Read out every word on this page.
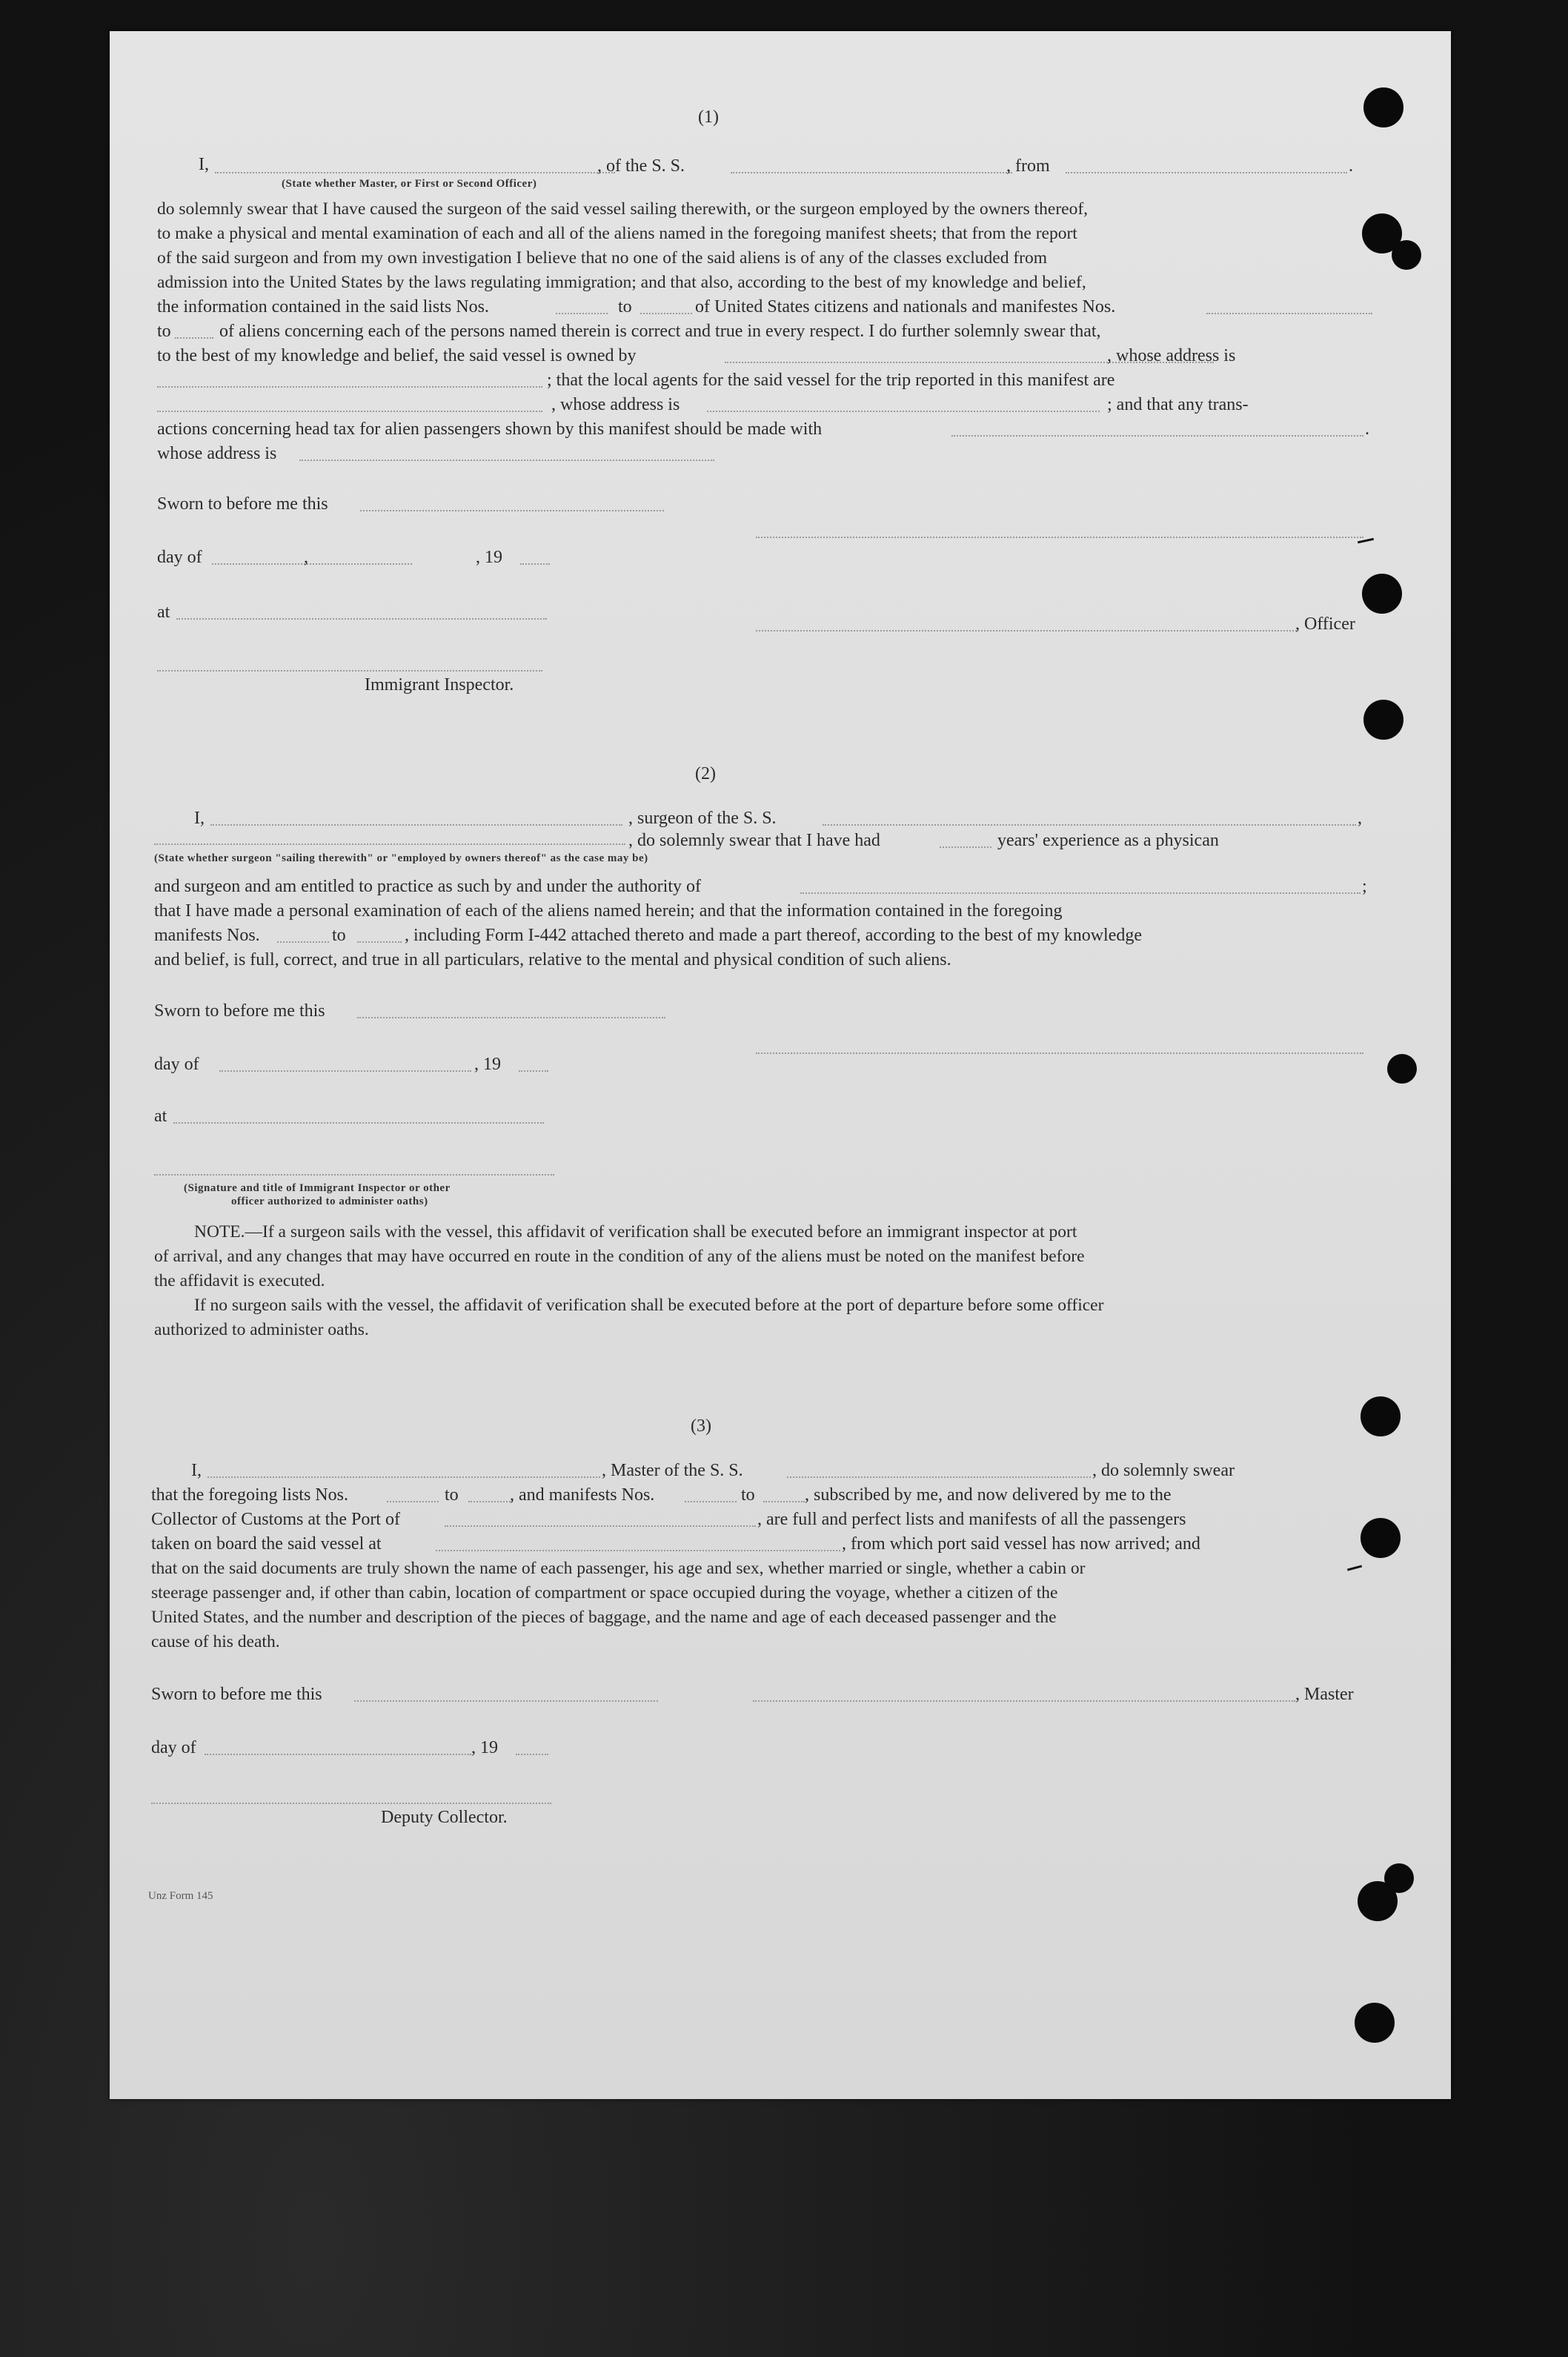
(1)
I,	, of the S. S.	, from	.
(State whether Master, or First or Second Officer)
do solemnly swear that I have caused the surgeon of the said vessel sailing therewith, or the surgeon employed by the owners thereof,
to make a physical and mental examination of each and all of the aliens named in the foregoing manifest sheets; that from the report
of the said surgeon and from my own investigation I believe that no one of the said aliens is of any of the classes excluded from
admission into the United States by the laws regulating immigration; and that also, according to the best of my knowledge and belief,
the information contained in the said lists Nos.	to	of United States citizens and nationals and manifestes Nos.
to	of aliens concerning each of the persons named therein is correct and true in every respect. I do further solemnly swear that,
to the best of my knowledge and belief, the said vessel is owned by	, whose address is
; that the local agents for the said vessel for the trip reported in this manifest are
, whose address is	; and that any trans-
actions concerning head tax for alien passengers shown by this manifest should be made with	.
whose address is
Sworn to before me this
day of	,	, 19
at
, Officer
Immigrant Inspector.
(2)
I,	, surgeon of the S. S.	,
, do solemnly swear that I have had	years' experience as a physican
(State whether surgeon "sailing therewith" or "employed by owners thereof" as the case may be)
and surgeon and am entitled to practice as such by and under the authority of	;
that I have made a personal examination of each of the aliens named herein; and that the information contained in the foregoing
manifests Nos.	to	, including Form I-442 attached thereto and made a part thereof, according to the best of my knowledge
and belief, is full, correct, and true in all particulars, relative to the mental and physical condition of such aliens.
Sworn to before me this
day of	, 19
at
(Signature and title of Immigrant Inspector or other
officer authorized to administer oaths)
NOTE.—If a surgeon sails with the vessel, this affidavit of verification shall be executed before an immigrant inspector at port
of arrival, and any changes that may have occurred en route in the condition of any of the aliens must be noted on the manifest before
the affidavit is executed.
If no surgeon sails with the vessel, the affidavit of verification shall be executed before at the port of departure before some officer
authorized to administer oaths.
(3)
I,	, Master of the S. S.	, do solemnly swear
that the foregoing lists Nos.	to	, and manifests Nos.	to	, subscribed by me, and now delivered by me to the
Collector of Customs at the Port of	, are full and perfect lists and manifests of all the passengers
taken on board the said vessel at	, from which port said vessel has now arrived; and
that on the said documents are truly shown the name of each passenger, his age and sex, whether married or single, whether a cabin or
steerage passenger and, if other than cabin, location of compartment or space occupied during the voyage, whether a citizen of the
United States, and the number and description of the pieces of baggage, and the name and age of each deceased passenger and the
cause of his death.
Sworn to before me this	, Master
day of	, 19
Deputy Collector.
Unz Form 145
